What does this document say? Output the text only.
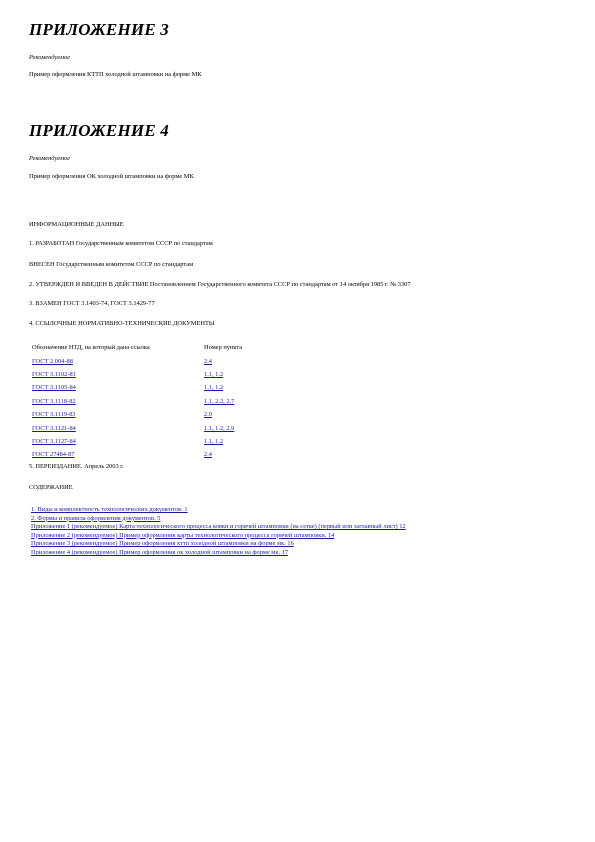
ПРИЛОЖЕНИЕ 3
Рекомендуемое
Пример оформления КТТП холодной штамповки на форме МК
ПРИЛОЖЕНИЕ 4
Рекомендуемое
Пример оформления ОК холодной штамповки на форме МК
ИНФОРМАЦИОННЫЕ ДАННЫЕ
1. РАЗРАБОТАН Государственным комитетом СССР по стандартам
ВНЕСЕН Государственным комитетом СССР по стандартам
2. УТВЕРЖДЕН И ВВЕДЕН В ДЕЙСТВИЕ Постановлением Государственного комитета СССР по стандартам от 14 октября 1985 г. № 3307
3. ВЗАМЕН ГОСТ 3.1403-74, ГОСТ 3.1429-77
4. ССЫЛОЧНЫЕ НОРМАТИВНО-ТЕХНИЧЕСКИЕ ДОКУМЕНТЫ
Обозначение НТД, на который дана ссылка	Номер пункта
ГОСТ 2.004-88	2.4
ГОСТ 3.1102-81	1.1, 1.2
ГОСТ 3.1105-84	1.1, 1.2
ГОСТ 3.1118-82	1.1, 2.2, 2.7
ГОСТ 3.1119-83	2.9
ГОСТ 3.1121-84	1.1, 1.2, 2.9
ГОСТ 3.1127-84	1.1, 1.2
ГОСТ 27484-87	2.4
5. ПЕРЕИЗДАНИЕ. Апрель 2003 г.
СОДЕРЖАНИЕ
1. Виды и комплектность технологических документов. 1
2. Формы и правила оформления документов. 5
Приложение 1 (рекомендуемое) Карта технологического процесса ковки и горячей штамповки (на сетке) (первый или заглавный лист) 12
Приложение 2 (рекомендуемое) Пример оформления карты технологического процесса горячей штамповки. 14
Приложение 3 (рекомендуемое) Пример оформления кттп холодной штамповки на форме мк. 16
Приложение 4 (рекомендуемое) Пример оформления ок холодной штамповки на форме мк. 17
